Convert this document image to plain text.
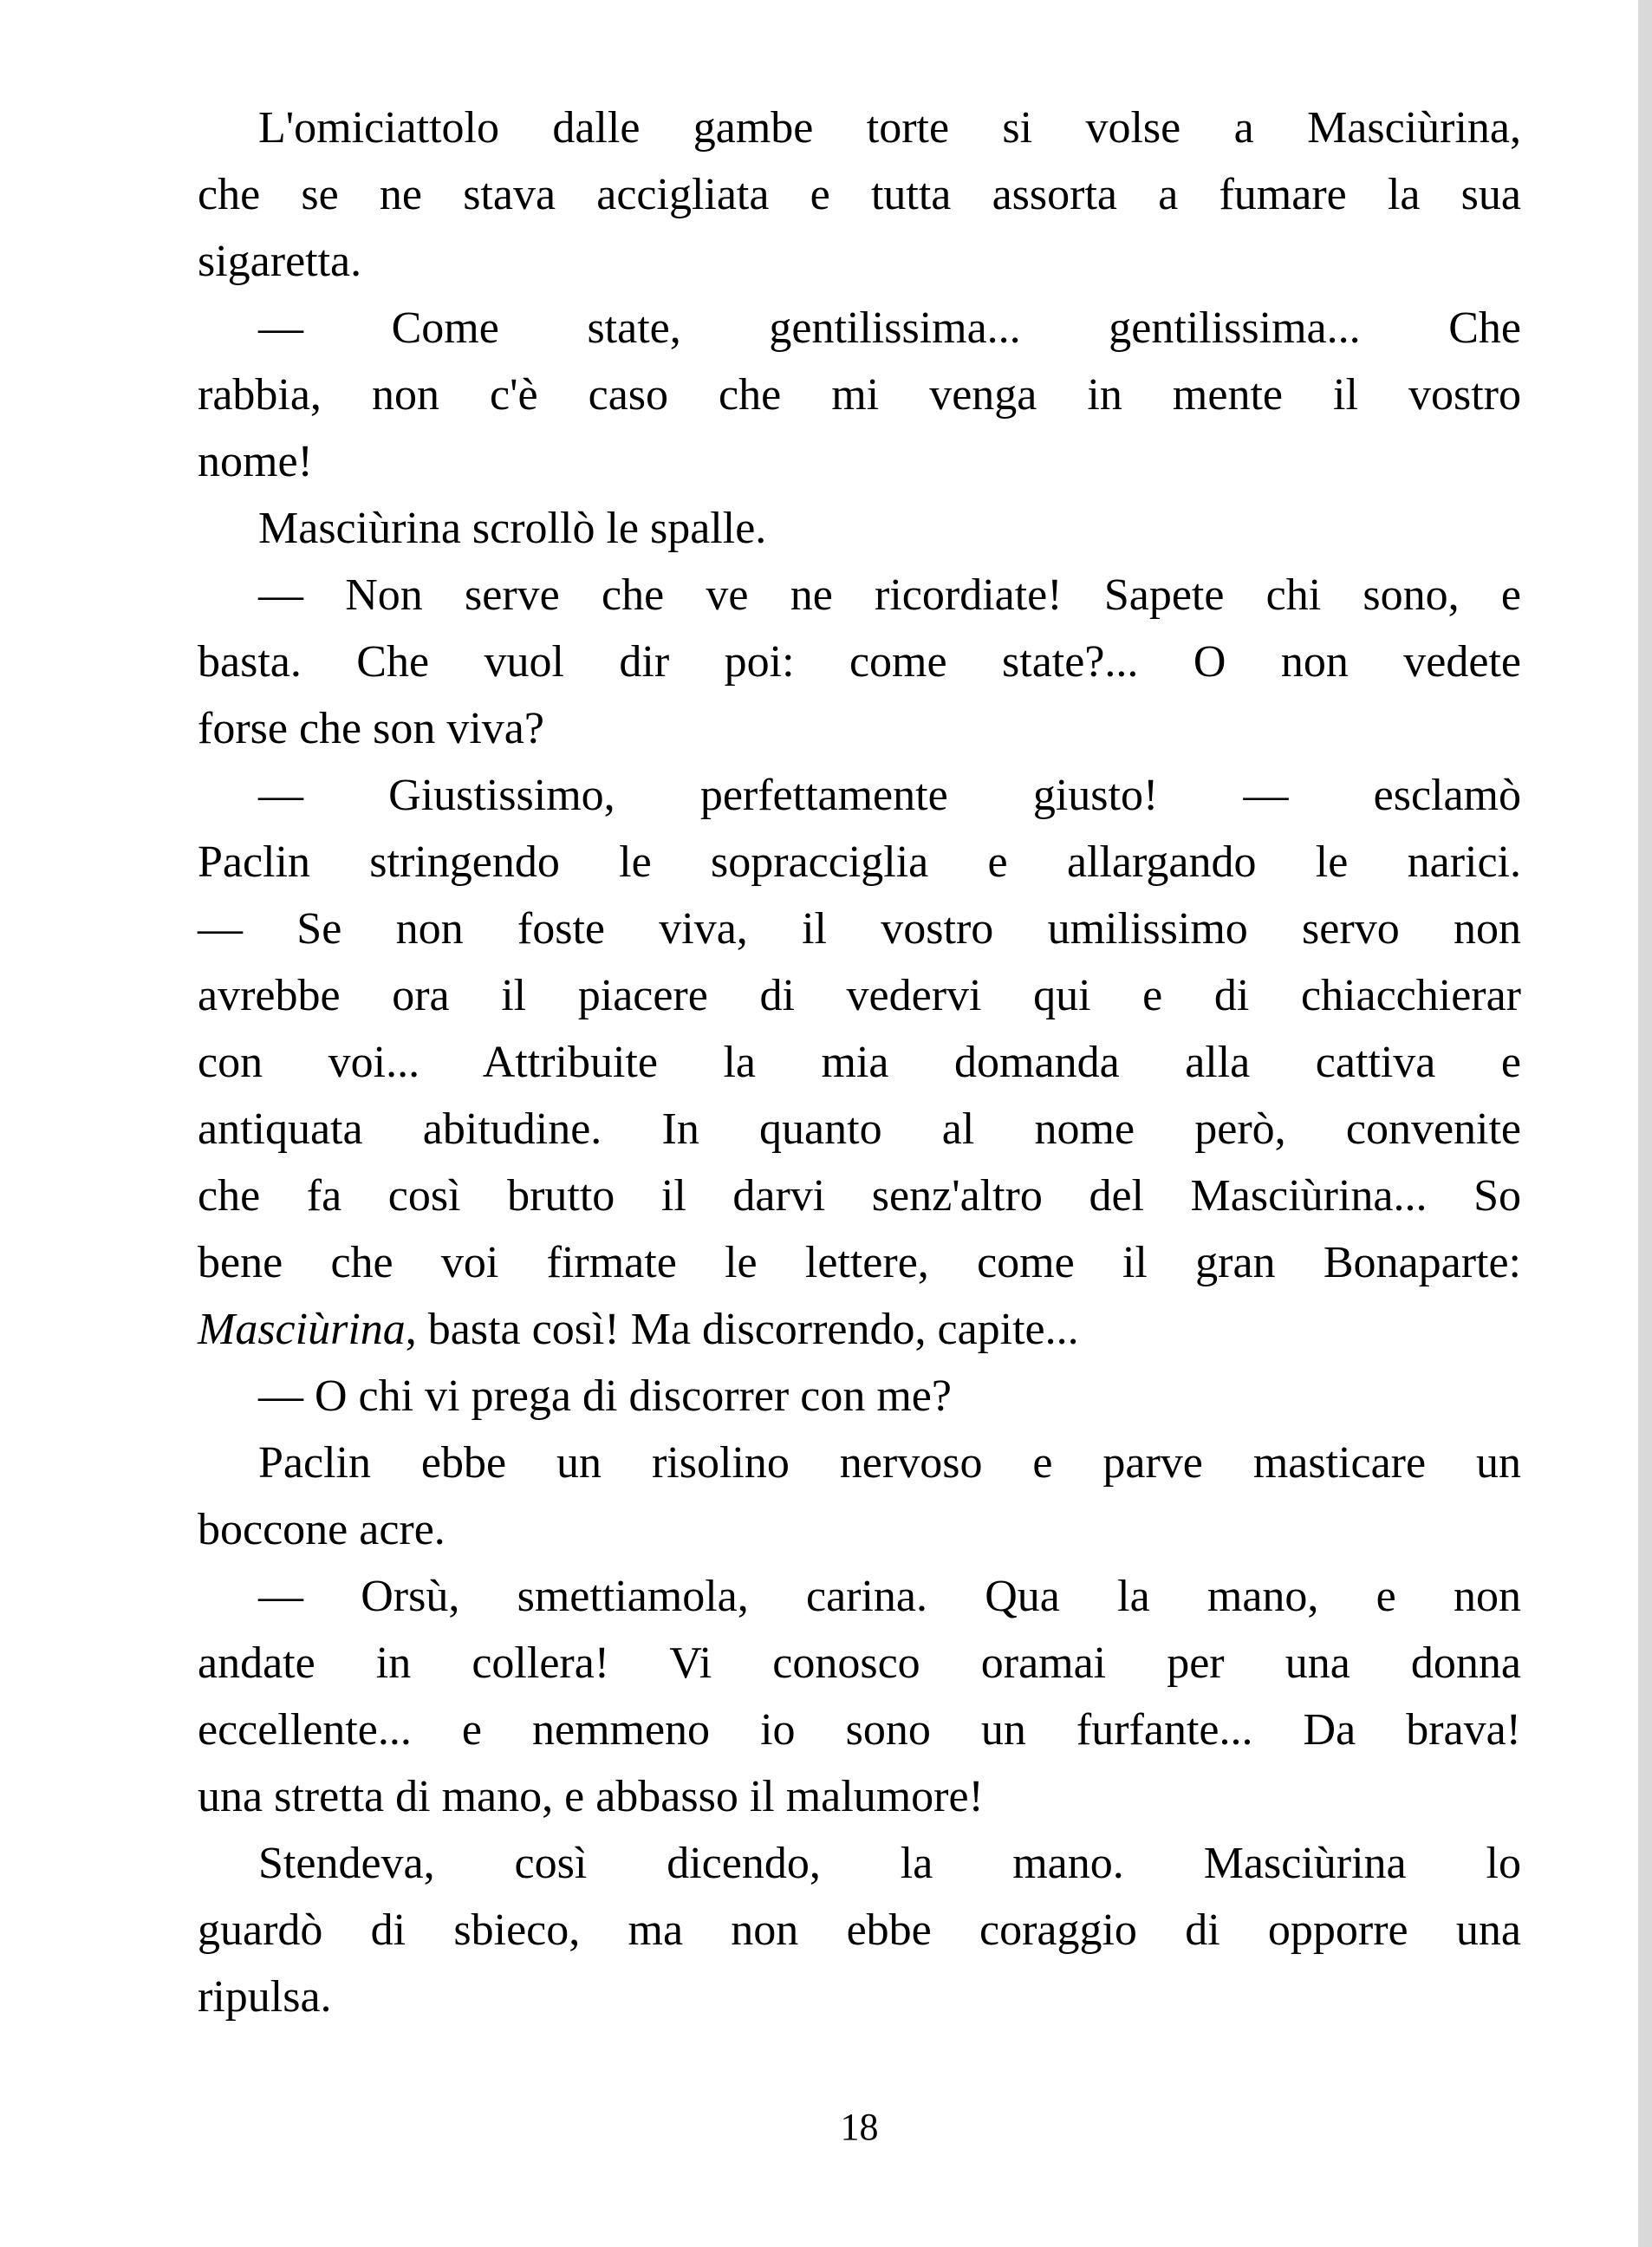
L'omiciattolo dalle gambe torte si volse a Masciùrina,
che se ne stava accigliata e tutta assorta a fumare la sua
sigaretta.
— Come state, gentilissima... gentilissima... Che
rabbia, non c'è caso che mi venga in mente il vostro
nome!
Masciùrina scrollò le spalle.
— Non serve che ve ne ricordiate! Sapete chi sono, e
basta. Che vuol dir poi: come state?... O non vedete
forse che son viva?
— Giustissimo, perfettamente giusto! — esclamò
Paclin stringendo le sopracciglia e allargando le narici.
— Se non foste viva, il vostro umilissimo servo non
avrebbe ora il piacere di vedervi qui e di chiacchierar
con voi... Attribuite la mia domanda alla cattiva e
antiquata abitudine. In quanto al nome però, convenite
che fa così brutto il darvi senz'altro del Masciùrina... So
bene che voi firmate le lettere, come il gran Bonaparte:
Masciùrina, basta così! Ma discorrendo, capite...
— O chi vi prega di discorrer con me?
Paclin ebbe un risolino nervoso e parve masticare un
boccone acre.
— Orsù, smettiamola, carina. Qua la mano, e non
andate in collera! Vi conosco oramai per una donna
eccellente... e nemmeno io sono un furfante... Da brava!
una stretta di mano, e abbasso il malumore!
Stendeva, così dicendo, la mano. Masciùrina lo
guardò di sbieco, ma non ebbe coraggio di opporre una
ripulsa.
18
